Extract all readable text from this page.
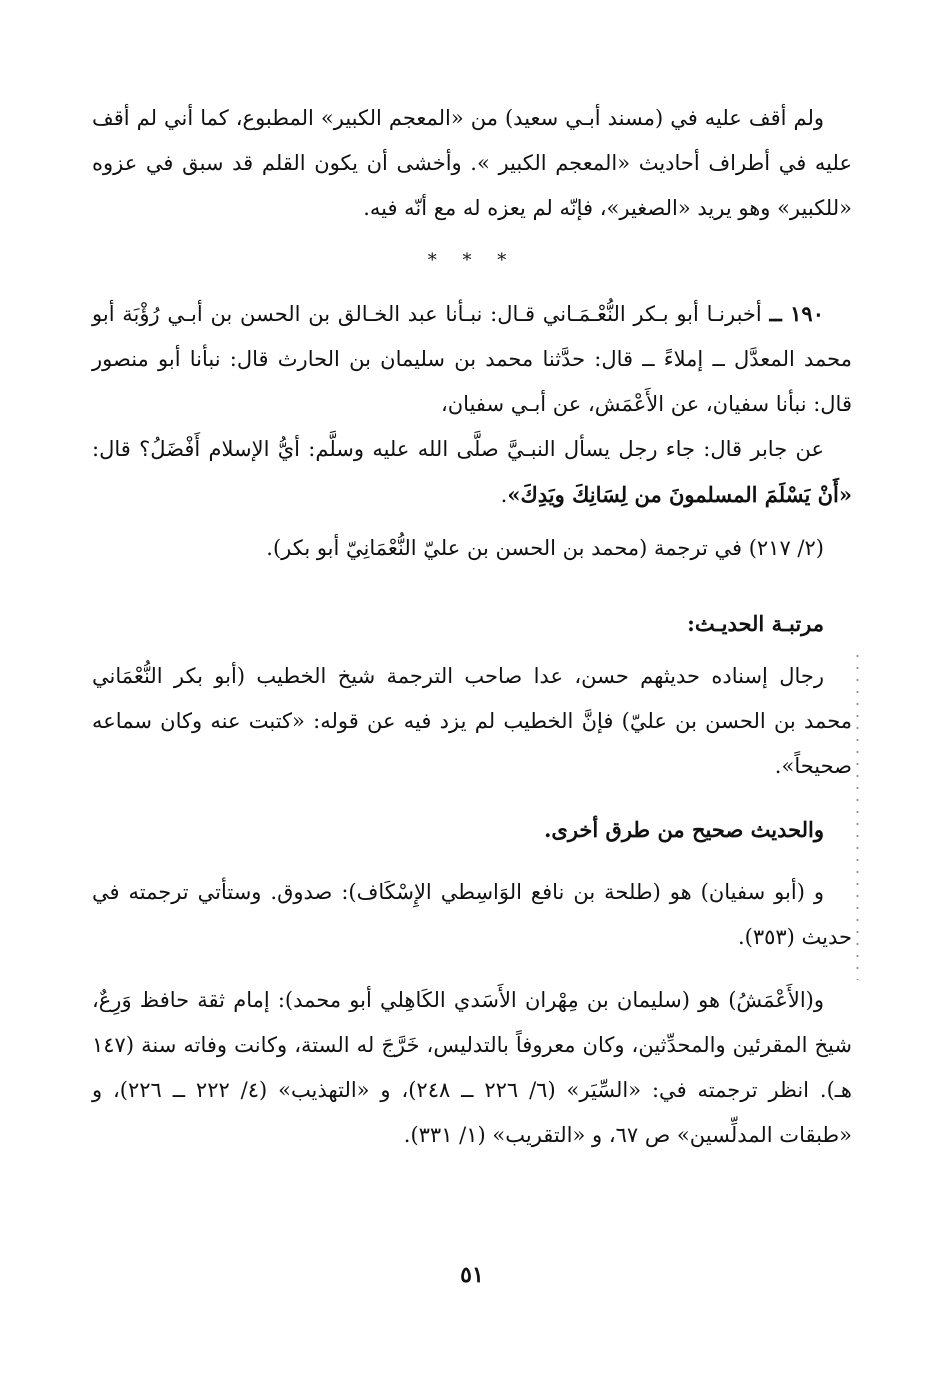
ولم أقف عليه في (مسند أبـي سعيد) من «المعجم الكبير» المطبوع، كما أني لم أقف عليه في أطراف أحاديث «المعجم الكبير ». وأخشى أن يكون القلم قد سبق في عزوه «للكبير» وهو يريد «الصغير»، فإنّه لم يعزه له مع أنّه فيه.

* * *

١٩٠ ــ أخبرنـا أبو بـكر النُّعْـمَـاني قـال: نبـأنا عبد الخـالق بن الحسن بن أبـي رُؤْبَة أبو محمد المعدَّل ــ إملاءً ــ قال: حدَّثنا محمد بن سليمان بن الحارث قال: نبأنا أبو منصور قال: نبأنا سفيان، عن الأَعْمَش، عن أبـي سفيان،

عن جابر قال: جاء رجل يسأل النبـيَّ صلَّى الله عليه وسلَّم: أيُّ الإسلام أَفْضَلُ؟ قال: «أَنْ يَسْلَمَ المسلمونَ من لِسَانِكَ ويَدِكَ».

(٢/ ٢١٧) في ترجمة (محمد بن الحسن بن عليّ النُّعْمَانِيّ أبو بكر).

مرتبـة الحديـث:

رجال إسناده حديثهم حسن، عدا صاحب الترجمة شيخ الخطيب (أبو بكر النُّعْمَاني محمد بن الحسن بن عليّ) فإنَّ الخطيب لم يزد فيه عن قوله: «كتبت عنه وكان سماعه صحيحاً».

والحديث صحيح من طرق أخرى.

و (أبو سفيان) هو (طلحة بن نافع الوَاسِطي الإِسْكَاف): صدوق. وستأتي ترجمته في حديث (٣٥٣).

و(الأَعْمَشُ) هو (سليمان بن مِهْران الأَسَدي الكَاهِلي أبو محمد): إمام ثقة حافظ وَرِعٌ، شيخ المقرئين والمحدِّثين، وكان معروفاً بالتدليس، خَرَّجَ له الستة، وكانت وفاته سنة (١٤٧ هـ). انظر ترجمته في: «السِّيَر» (٦/ ٢٢٦ ــ ٢٤٨)، و «التهذيب» (٤/ ٢٢٢ ــ ٢٢٦)، و «طبقات المدلِّسين» ص ٦٧، و «التقريب» (١/ ٣٣١).

٥١
